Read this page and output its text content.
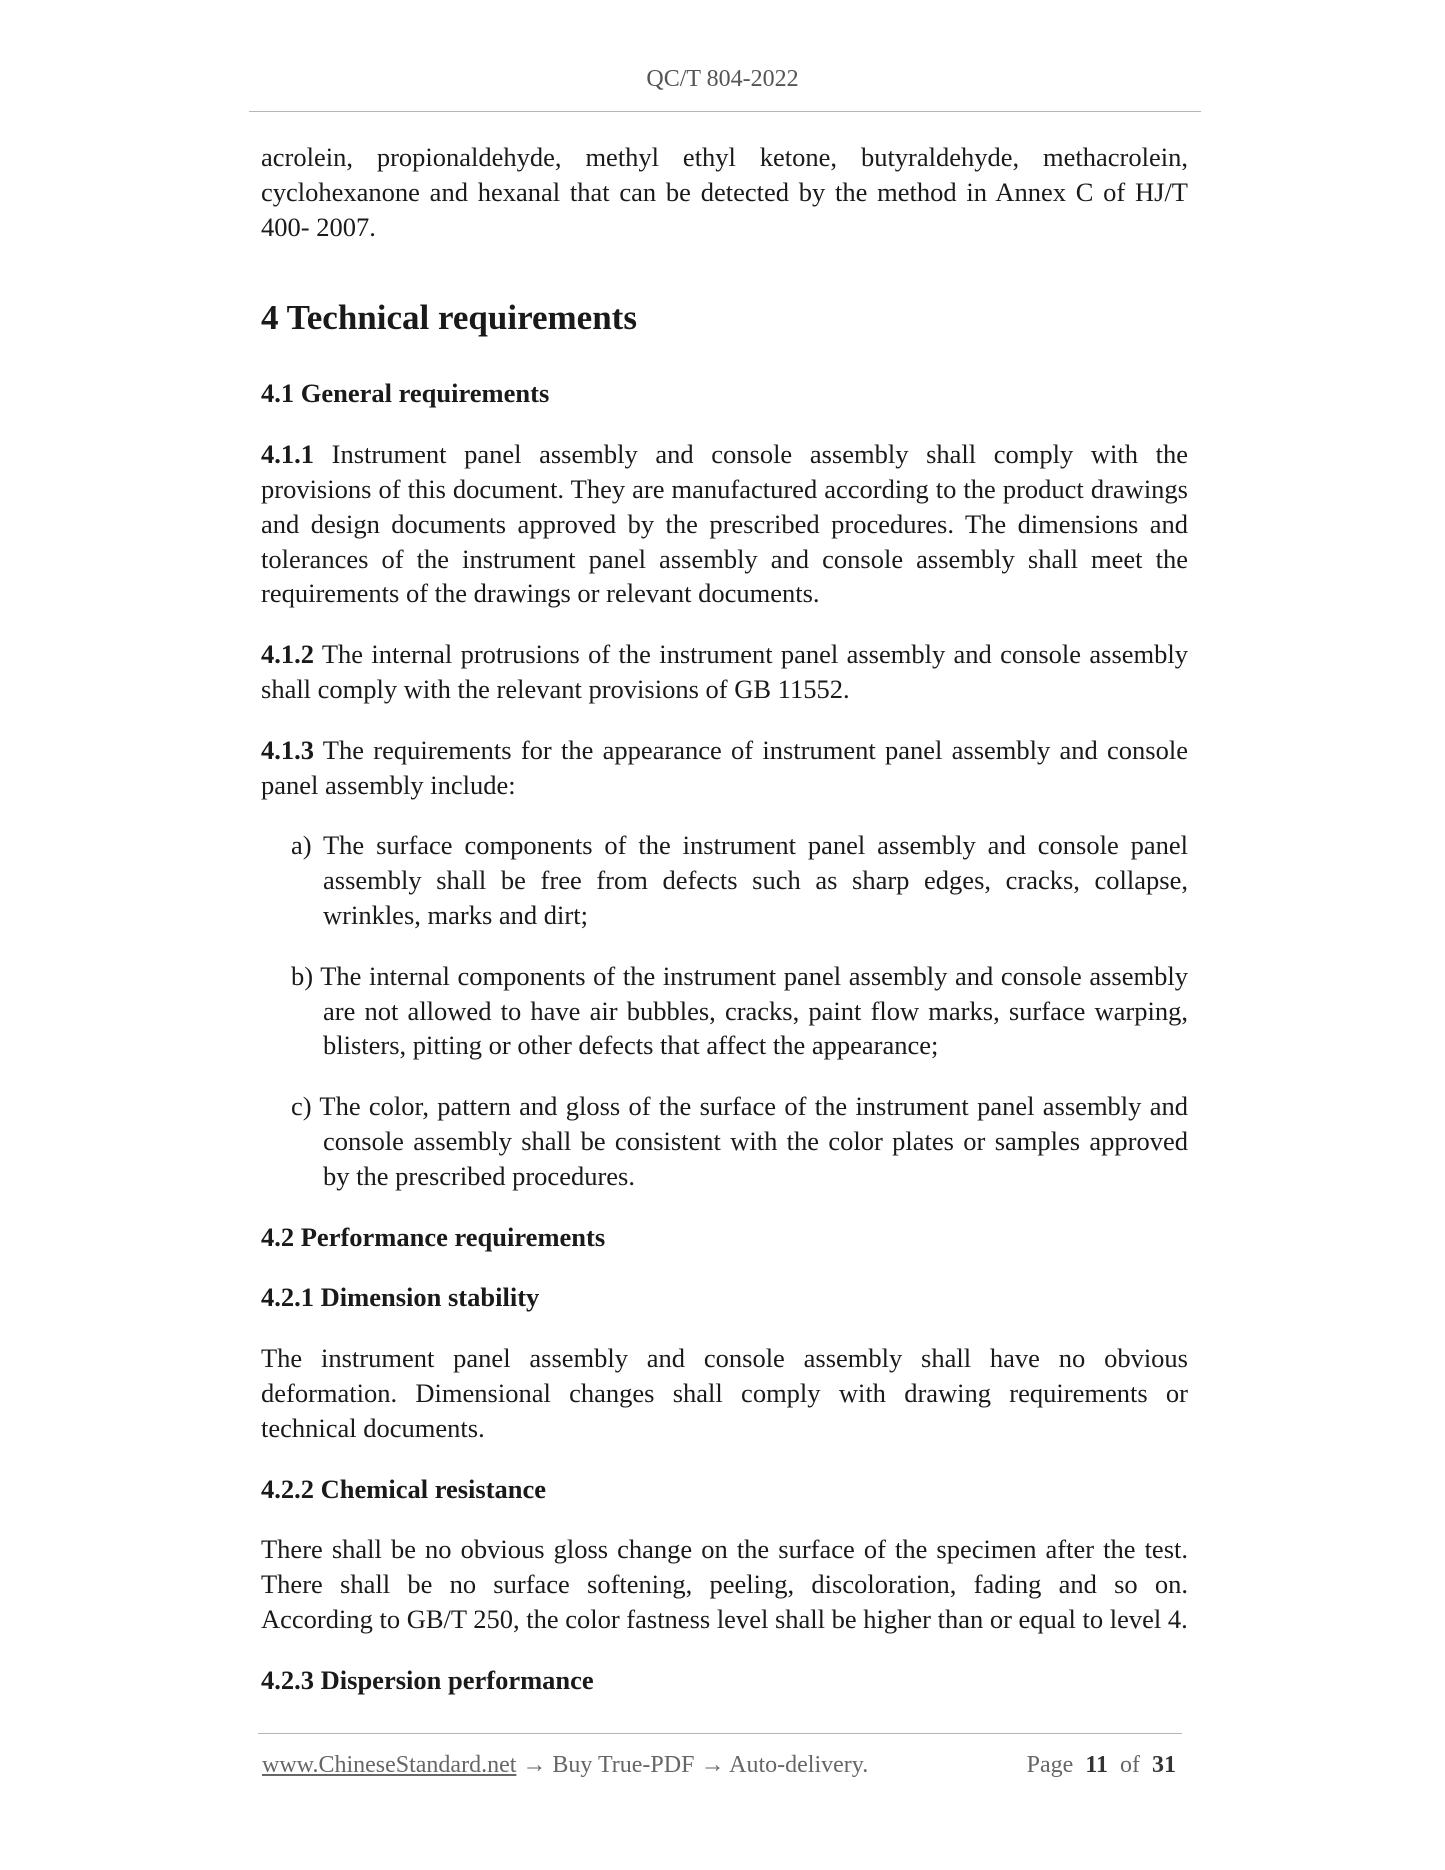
QC/T 804-2022

acrolein, propionaldehyde, methyl ethyl ketone, butyraldehyde, methacrolein, cyclohexanone and hexanal that can be detected by the method in Annex C of HJ/T 400- 2007.

4 Technical requirements
4.1 General requirements

4.1.1 Instrument panel assembly and console assembly shall comply with the provisions of this document. They are manufactured according to the product drawings and design documents approved by the prescribed procedures. The dimensions and tolerances of the instrument panel assembly and console assembly shall meet the requirements of the drawings or relevant documents.

4.1.2 The internal protrusions of the instrument panel assembly and console assembly shall comply with the relevant provisions of GB 11552.

4.1.3 The requirements for the appearance of instrument panel assembly and console panel assembly include:

a) The surface components of the instrument panel assembly and console panel assembly shall be free from defects such as sharp edges, cracks, collapse, wrinkles, marks and dirt;

b) The internal components of the instrument panel assembly and console assembly are not allowed to have air bubbles, cracks, paint flow marks, surface warping, blisters, pitting or other defects that affect the appearance;

c) The color, pattern and gloss of the surface of the instrument panel assembly and console assembly shall be consistent with the color plates or samples approved by the prescribed procedures.

4.2 Performance requirements
4.2.1 Dimension stability

The instrument panel assembly and console assembly shall have no obvious deformation. Dimensional changes shall comply with drawing requirements or technical documents.

4.2.2 Chemical resistance

There shall be no obvious gloss change on the surface of the specimen after the test. There shall be no surface softening, peeling, discoloration, fading and so on. According to GB/T 250, the color fastness level shall be higher than or equal to level 4.

4.2.3 Dispersion performance
www.ChineseStandard.net → Buy True-PDF → Auto-delivery.	Page 11 of 31
